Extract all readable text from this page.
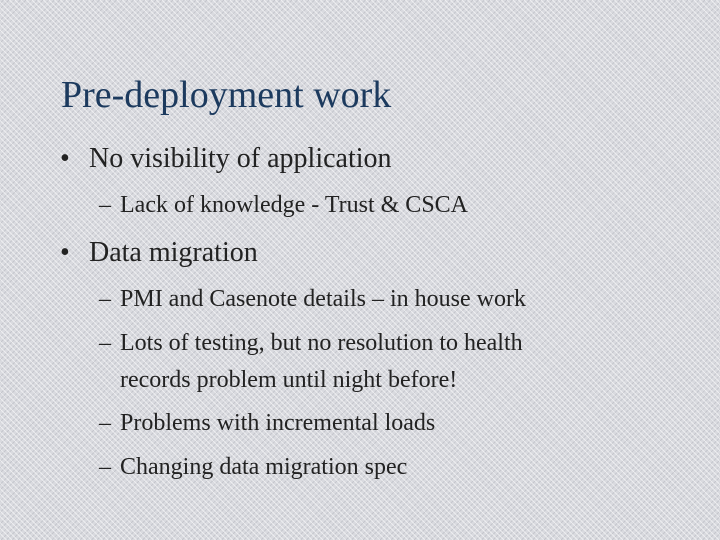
Pre-deployment work
• No visibility of application
– Lack of knowledge - Trust & CSCA
• Data migration
– PMI and Casenote details – in house work
– Lots of testing, but no resolution to health records problem until night before!
– Problems with incremental loads
– Changing data migration spec
